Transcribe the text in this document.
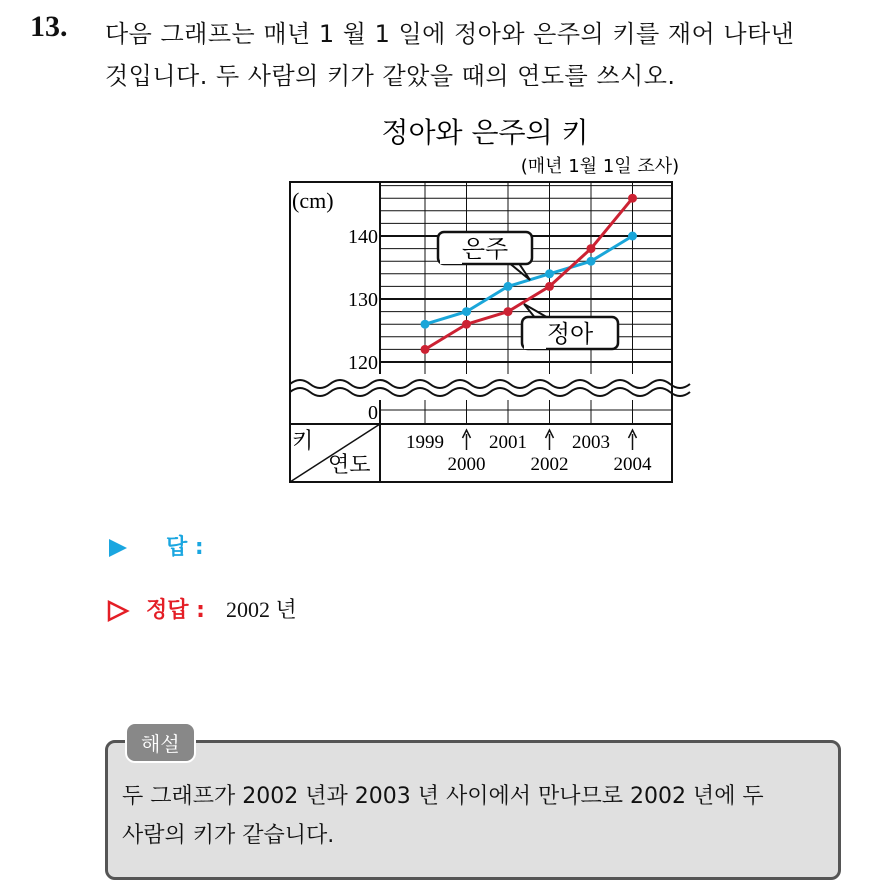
13. 다음 그래프는 매년 1 월 1 일에 정아와 은주의 키를 재어 나타낸
것입니다. 두 사람의 키가 같았을 때의 연도를 쓰시오.
정아와 은주의 키
(매년 1월 1일 조사)
(cm)
140
130
120
0
1999 2001 2003
2000 2002 2004
키
연도
은주
정아
답 :
정답 : 2002 년
해설
두 그래프가 2002 년과 2003 년 사이에서 만나므로 2002 년에 두
사람의 키가 같습니다.
